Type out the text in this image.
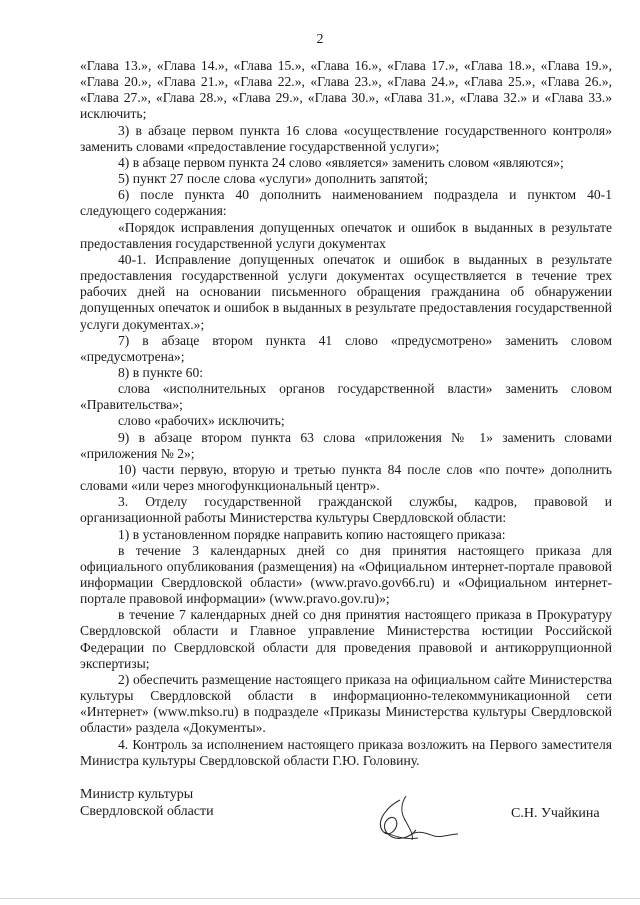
2

«Глава 13.», «Глава 14.», «Глава 15.», «Глава 16.», «Глава 17.», «Глава 18.», «Глава 19.», «Глава 20.», «Глава 21.», «Глава 22.», «Глава 23.», «Глава 24.», «Глава 25.», «Глава 26.», «Глава 27.», «Глава 28.», «Глава 29.», «Глава 30.», «Глава 31.», «Глава 32.» и «Глава 33.» исключить;

3) в абзаце первом пункта 16 слова «осуществление государственного контроля» заменить словами «предоставление государственной услуги»;

4) в абзаце первом пункта 24 слово «является» заменить словом «являются»;

5) пункт 27 после слова «услуги» дополнить запятой;

6) после пункта 40 дополнить наименованием подраздела и пунктом 40-1 следующего содержания:

«Порядок исправления допущенных опечаток и ошибок в выданных в результате предоставления государственной услуги документах

40-1. Исправление допущенных опечаток и ошибок в выданных в результате предоставления государственной услуги документах осуществляется в течение трех рабочих дней на основании письменного обращения гражданина об обнаружении допущенных опечаток и ошибок в выданных в результате предоставления государственной услуги документах.»;

7) в абзаце втором пункта 41 слово «предусмотрено» заменить словом «предусмотрена»;

8) в пункте 60:

слова «исполнительных органов государственной власти» заменить словом «Правительства»;

слово «рабочих» исключить;

9) в абзаце втором пункта 63 слова «приложения № 1» заменить словами «приложения № 2»;

10) части первую, вторую и третью пункта 84 после слов «по почте» дополнить словами «или через многофункциональный центр».

3. Отделу государственной гражданской службы, кадров, правовой и организационной работы Министерства культуры Свердловской области:

1) в установленном порядке направить копию настоящего приказа:

в течение 3 календарных дней со дня принятия настоящего приказа для официального опубликования (размещения) на «Официальном интернет-портале правовой информации Свердловской области» (www.pravo.gov66.ru) и «Официальном интернет-портале правовой информации» (www.pravo.gov.ru)»;

в течение 7 календарных дней со дня принятия настоящего приказа в Прокуратуру Свердловской области и Главное управление Министерства юстиции Российской Федерации по Свердловской области для проведения правовой и антикоррупционной экспертизы;

2) обеспечить размещение настоящего приказа на официальном сайте Министерства культуры Свердловской области в информационно-телекоммуникационной сети «Интернет» (www.mkso.ru) в подразделе «Приказы Министерства культуры Свердловской области» раздела «Документы».

4. Контроль за исполнением настоящего приказа возложить на Первого заместителя Министра культуры Свердловской области Г.Ю. Головину.

Министр культуры
Свердловской области	С.Н. Учайкина
